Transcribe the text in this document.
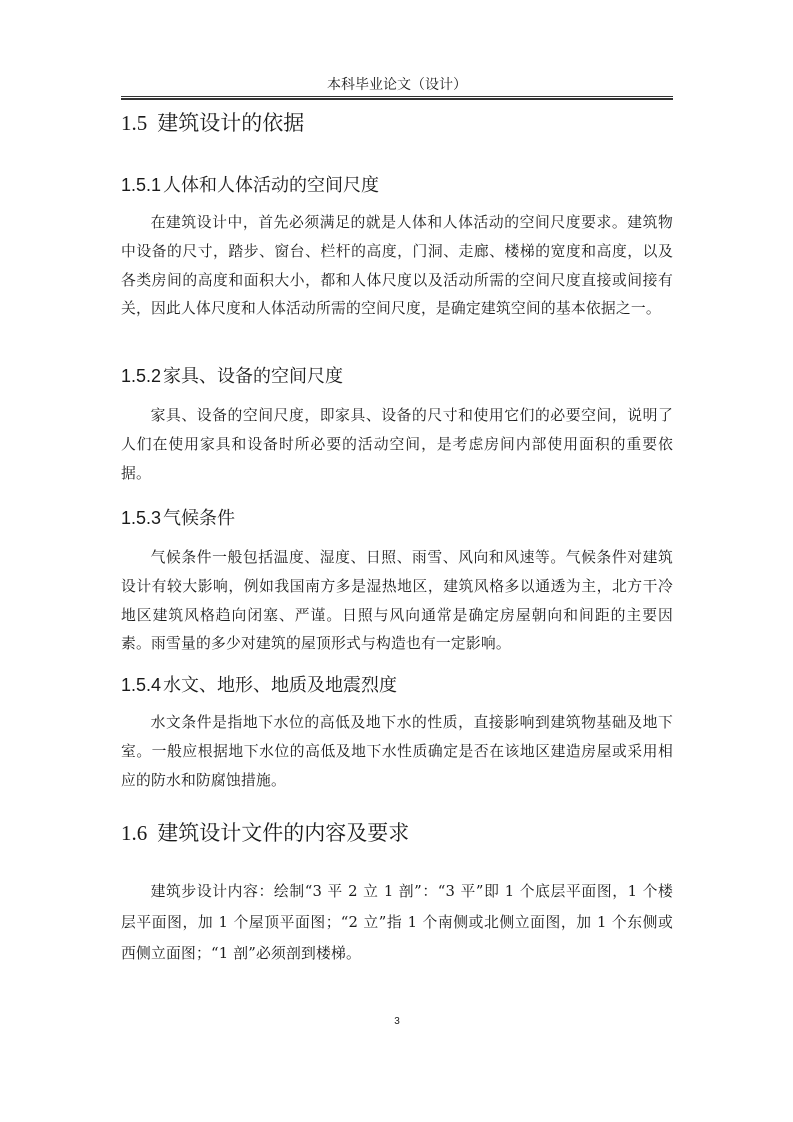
本科毕业论文（设计）
1.5 建筑设计的依据
1.5.1 人体和人体活动的空间尺度
在建筑设计中，首先必须满足的就是人体和人体活动的空间尺度要求。建筑物中设备的尺寸，踏步、窗台、栏杆的高度，门洞、走廊、楼梯的宽度和高度，以及各类房间的高度和面积大小，都和人体尺度以及活动所需的空间尺度直接或间接有关，因此人体尺度和人体活动所需的空间尺度，是确定建筑空间的基本依据之一。
1.5.2 家具、设备的空间尺度
家具、设备的空间尺度，即家具、设备的尺寸和使用它们的必要空间，说明了人们在使用家具和设备时所必要的活动空间，是考虑房间内部使用面积的重要依据。
1.5.3 气候条件
气候条件一般包括温度、湿度、日照、雨雪、风向和风速等。气候条件对建筑设计有较大影响，例如我国南方多是湿热地区，建筑风格多以通透为主，北方干冷地区建筑风格趋向闭塞、严谨。日照与风向通常是确定房屋朝向和间距的主要因素。雨雪量的多少对建筑的屋顶形式与构造也有一定影响。
1.5.4 水文、地形、地质及地震烈度
水文条件是指地下水位的高低及地下水的性质，直接影响到建筑物基础及地下室。一般应根据地下水位的高低及地下水性质确定是否在该地区建造房屋或采用相应的防水和防腐蚀措施。
1.6 建筑设计文件的内容及要求
建筑步设计内容：绘制“3 平 2 立 1 剖”：“3 平”即 1 个底层平面图，1 个楼层平面图，加 1 个屋顶平面图；“2 立”指 1 个南侧或北侧立面图，加 1 个东侧或西侧立面图；“1 剖”必须剖到楼梯。
3
